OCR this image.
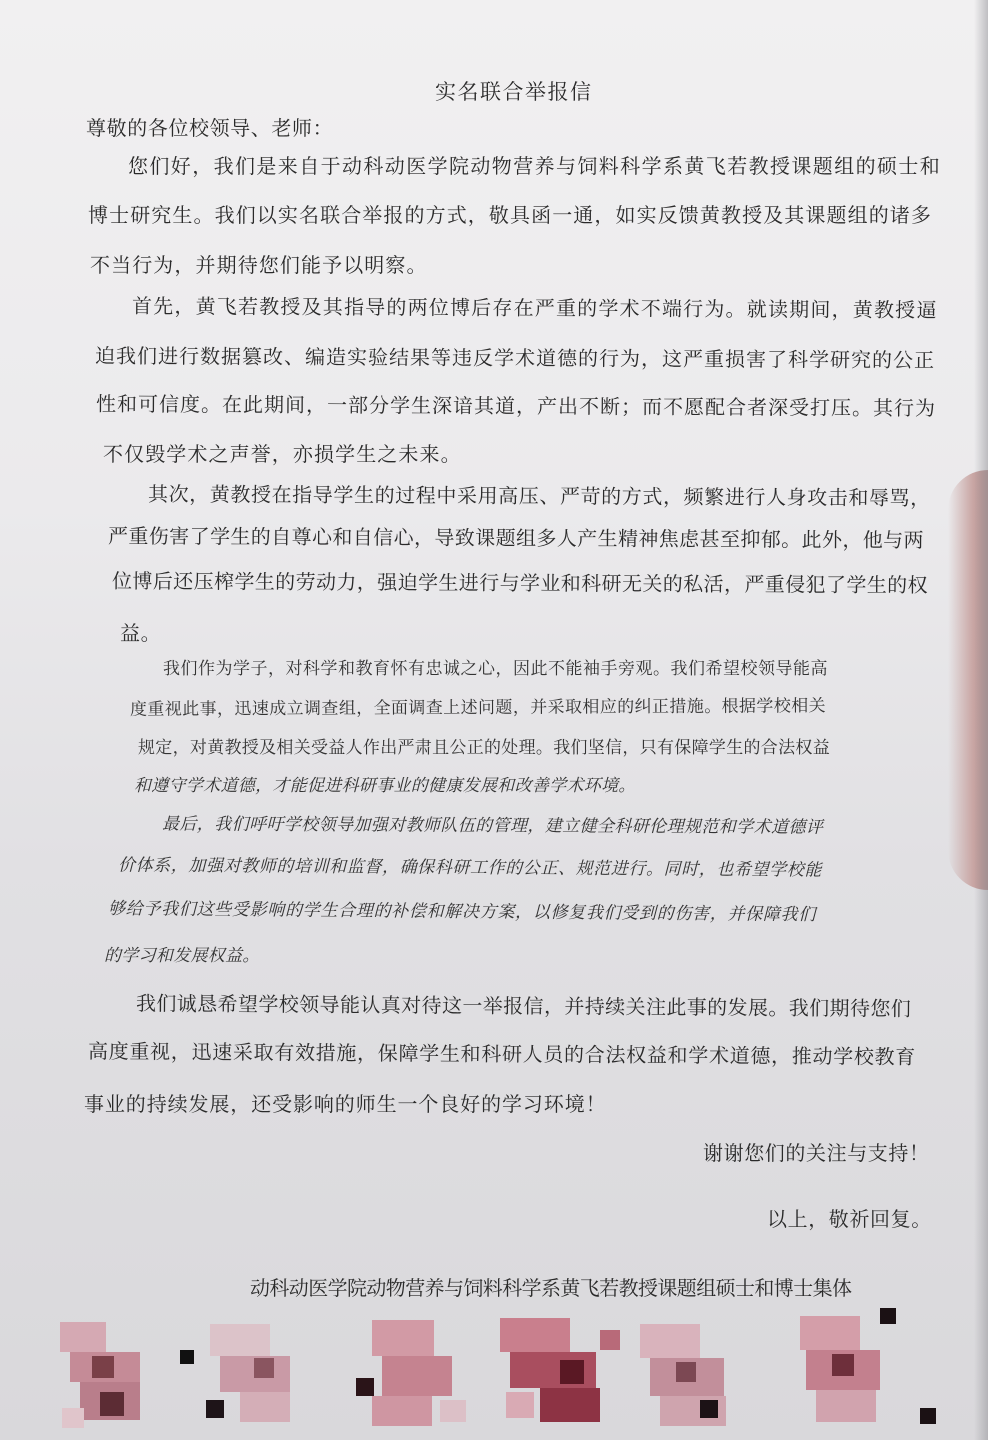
实名联合举报信
尊敬的各位校领导、老师：
您们好，我们是来自于动科动医学院动物营养与饲料科学系黄飞若教授课题组的硕士和
博士研究生。我们以实名联合举报的方式，敬具函一通，如实反馈黄教授及其课题组的诸多
不当行为，并期待您们能予以明察。
首先，黄飞若教授及其指导的两位博后存在严重的学术不端行为。就读期间，黄教授逼
迫我们进行数据篡改、编造实验结果等违反学术道德的行为，这严重损害了科学研究的公正
性和可信度。在此期间，一部分学生深谙其道，产出不断；而不愿配合者深受打压。其行为
不仅毁学术之声誉，亦损学生之未来。
其次，黄教授在指导学生的过程中采用高压、严苛的方式，频繁进行人身攻击和辱骂，
严重伤害了学生的自尊心和自信心，导致课题组多人产生精神焦虑甚至抑郁。此外，他与两
位博后还压榨学生的劳动力，强迫学生进行与学业和科研无关的私活，严重侵犯了学生的权
益。
我们作为学子，对科学和教育怀有忠诚之心，因此不能袖手旁观。我们希望校领导能高
度重视此事，迅速成立调查组，全面调查上述问题，并采取相应的纠正措施。根据学校相关
规定，对黄教授及相关受益人作出严肃且公正的处理。我们坚信，只有保障学生的合法权益
和遵守学术道德，才能促进科研事业的健康发展和改善学术环境。
最后，我们呼吁学校领导加强对教师队伍的管理，建立健全科研伦理规范和学术道德评
价体系，加强对教师的培训和监督，确保科研工作的公正、规范进行。同时，也希望学校能
够给予我们这些受影响的学生合理的补偿和解决方案，以修复我们受到的伤害，并保障我们
的学习和发展权益。
我们诚恳希望学校领导能认真对待这一举报信，并持续关注此事的发展。我们期待您们
高度重视，迅速采取有效措施，保障学生和科研人员的合法权益和学术道德，推动学校教育
事业的持续发展，还受影响的师生一个良好的学习环境！
谢谢您们的关注与支持！
以上，敬祈回复。
动科动医学院动物营养与饲料科学系黄飞若教授课题组硕士和博士集体
